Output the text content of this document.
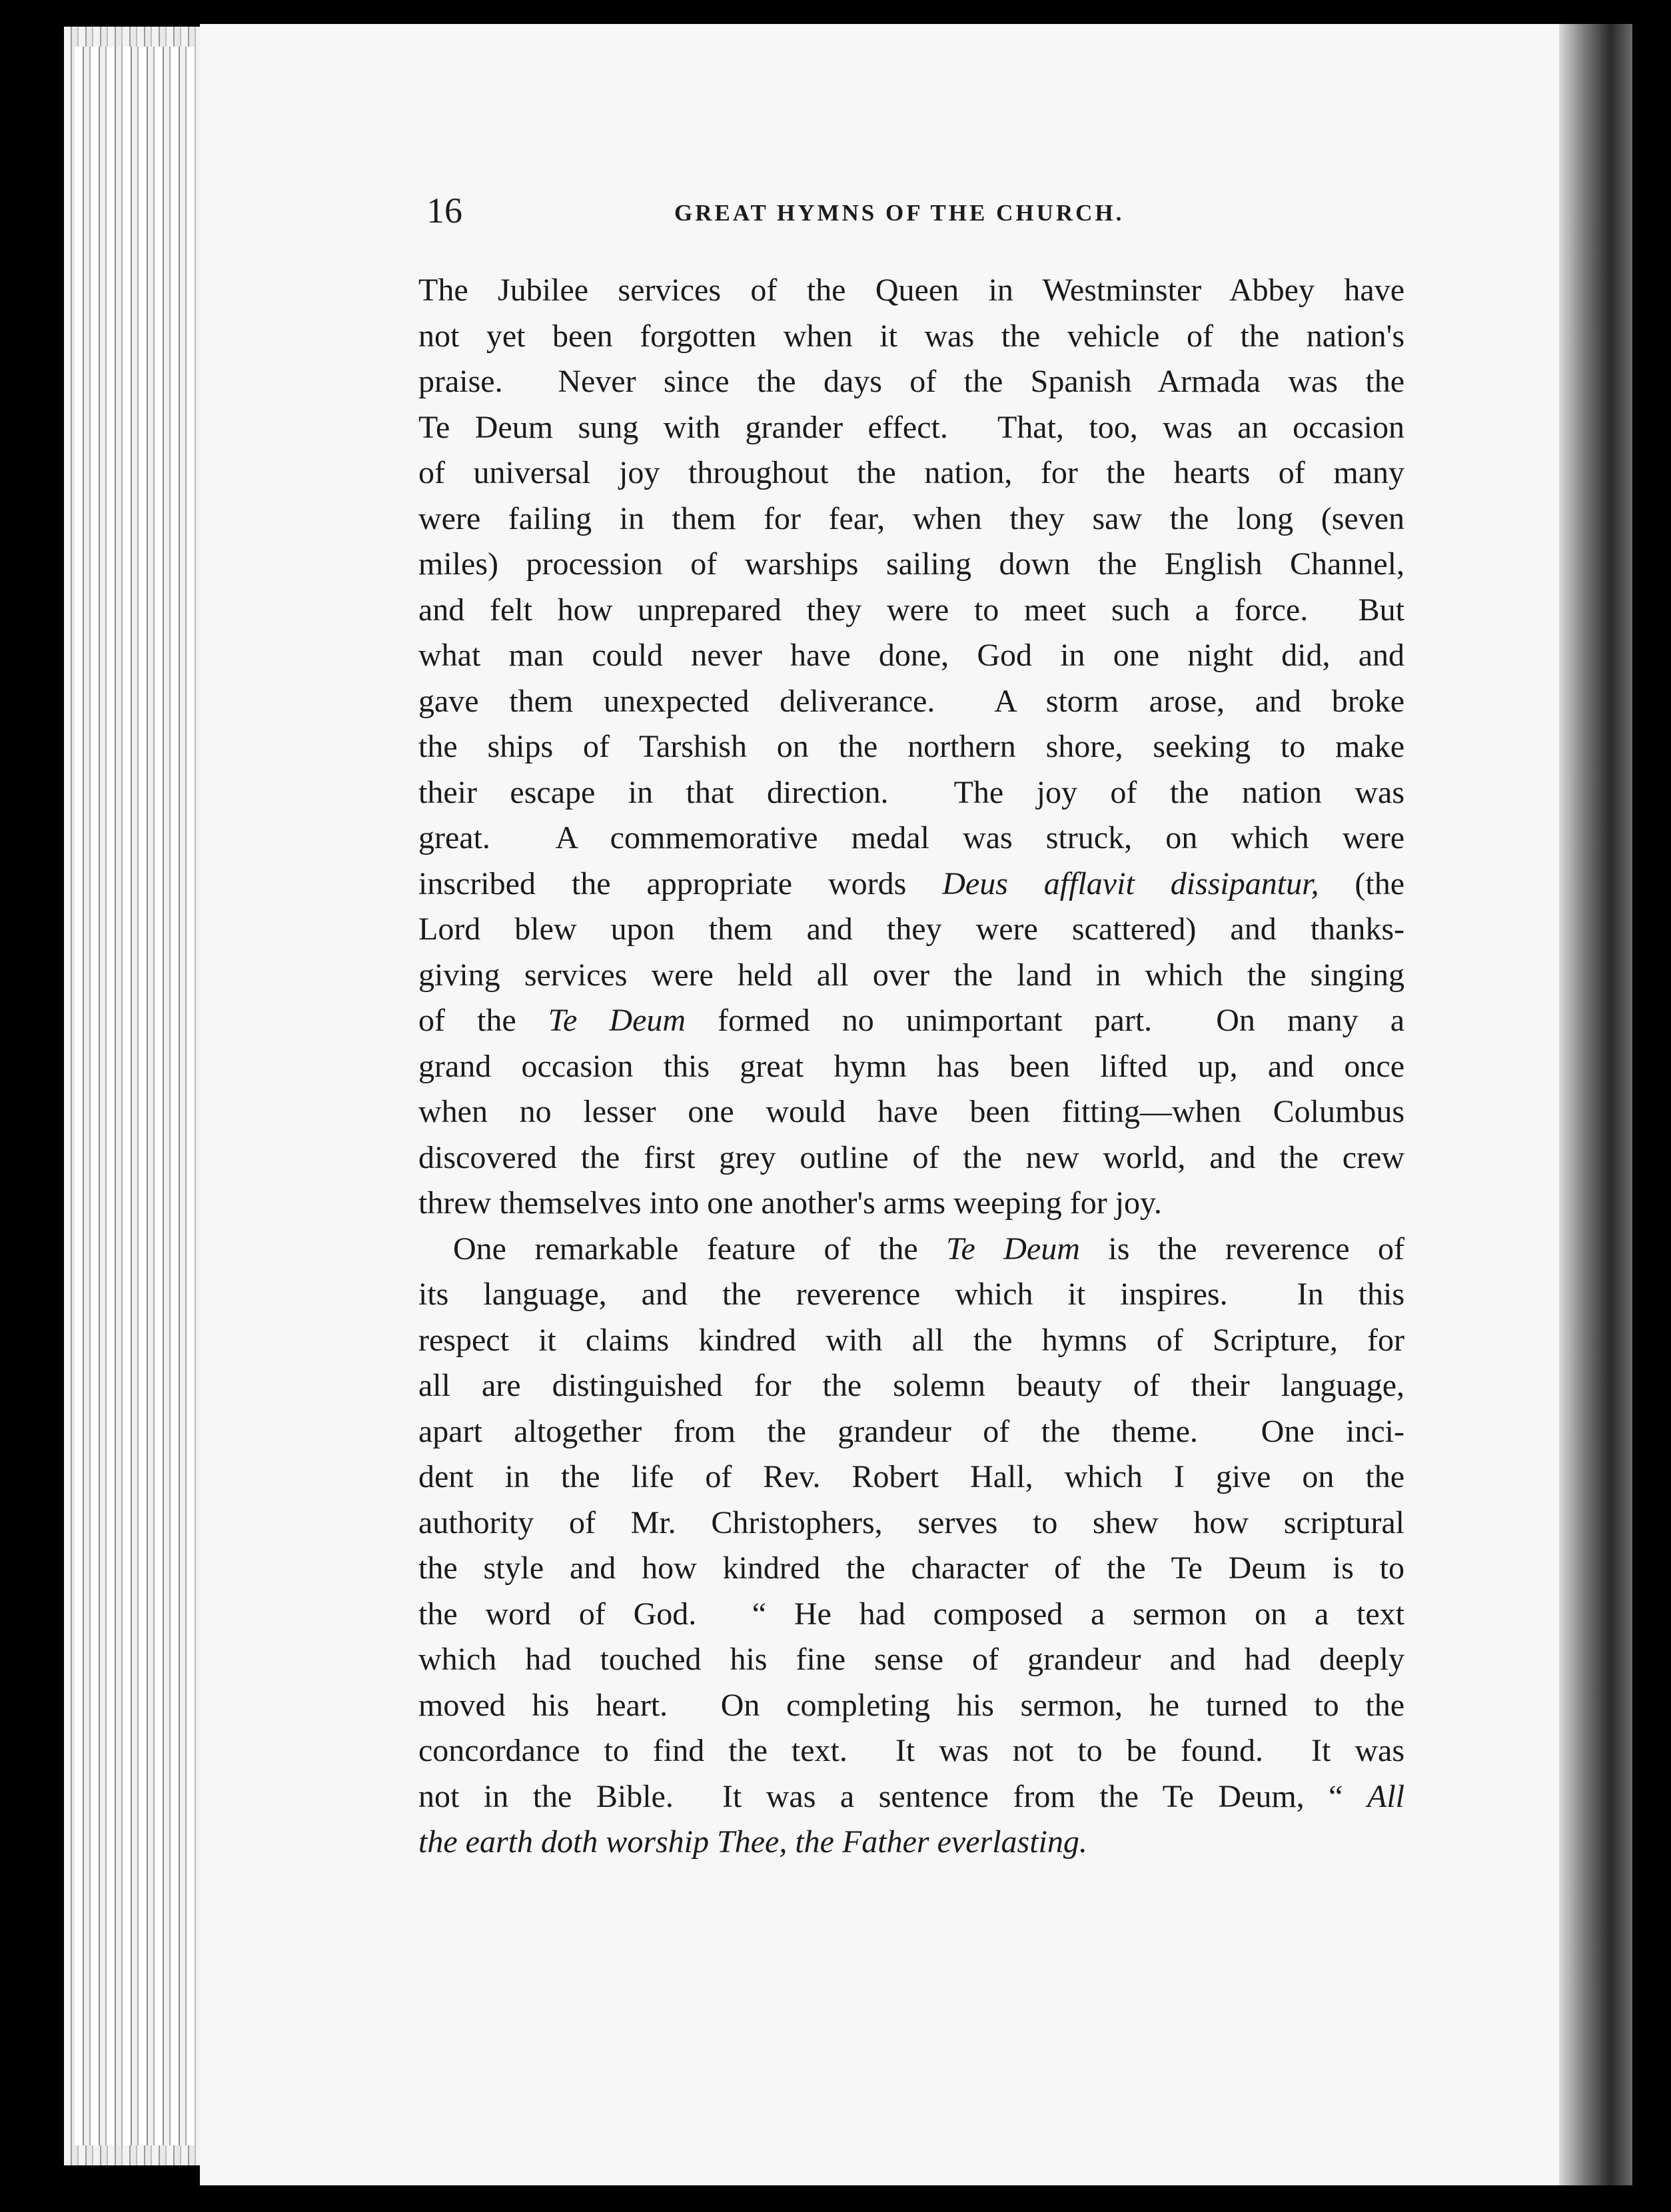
16	GREAT HYMNS OF THE CHURCH.
The Jubilee services of the Queen in Westminster Abbey have
not yet been forgotten when it was the vehicle of the nation's
praise.  Never since the days of the Spanish Armada was the
Te Deum sung with grander effect.  That, too, was an occasion
of universal joy throughout the nation, for the hearts of many
were failing in them for fear, when they saw the long (seven
miles) procession of warships sailing down the English Channel,
and felt how unprepared they were to meet such a force.  But
what man could never have done, God in one night did, and
gave them unexpected deliverance.  A storm arose, and broke
the ships of Tarshish on the northern shore, seeking to make
their escape in that direction.  The joy of the nation was
great.  A commemorative medal was struck, on which were
inscribed the appropriate words Deus afflavit dissipantur, (the
Lord blew upon them and they were scattered) and thanks-
giving services were held all over the land in which the singing
of the Te Deum formed no unimportant part.  On many a
grand occasion this great hymn has been lifted up, and once
when no lesser one would have been fitting—when Columbus
discovered the first grey outline of the new world, and the crew
threw themselves into one another's arms weeping for joy.
One remarkable feature of the Te Deum is the reverence of
its language, and the reverence which it inspires.  In this
respect it claims kindred with all the hymns of Scripture, for
all are distinguished for the solemn beauty of their language,
apart altogether from the grandeur of the theme.  One inci-
dent in the life of Rev. Robert Hall, which I give on the
authority of Mr. Christophers, serves to shew how scriptural
the style and how kindred the character of the Te Deum is to
the word of God.  “ He had composed a sermon on a text
which had touched his fine sense of grandeur and had deeply
moved his heart.  On completing his sermon, he turned to the
concordance to find the text.  It was not to be found.  It was
not in the Bible.  It was a sentence from the Te Deum, “ All
the earth doth worship Thee, the Father everlasting.
